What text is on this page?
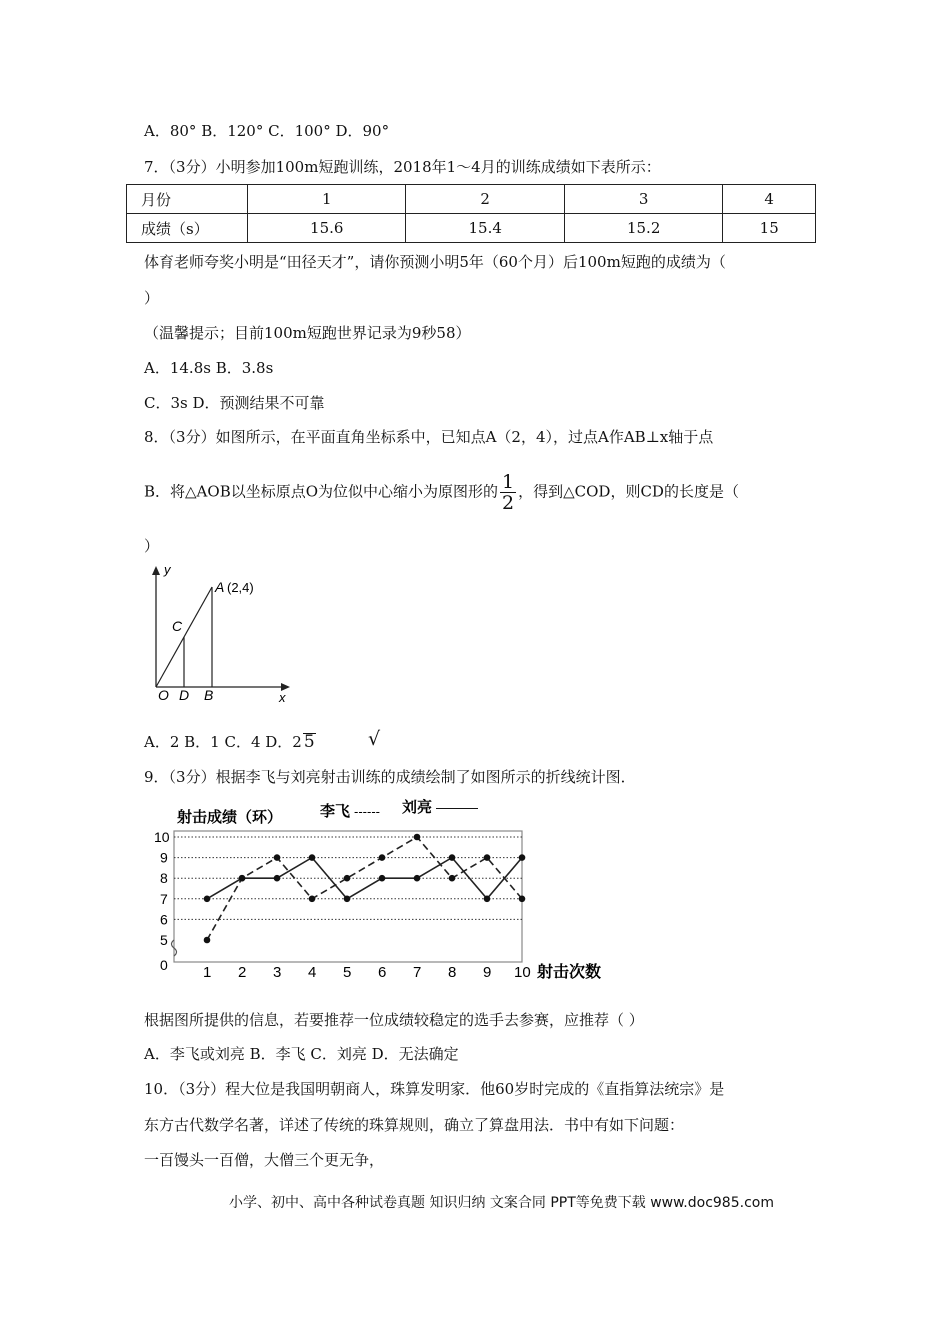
A．80° B．120° C．100° D．90°
7．（3分）小明参加100m短跑训练，2018年1～4月的训练成绩如下表所示：
月份	1	2	3	4
成绩（s）	15.6	15.4	15.2	15
体育老师夸奖小明是“田径天才”，请你预测小明5年（60个月）后100m短跑的成绩为（
）
（温馨提示；目前100m短跑世界记录为9秒58）
A．14.8s B．3.8s
C．3s D．预测结果不可靠
8．（3分）如图所示，在平面直角坐标系中，已知点A（2，4），过点A作AB⊥x轴于点
B．将△AOB以坐标原点O为位似中心缩小为原图形的 $\frac{1}{2}$ ，得到△COD，则CD的长度是（
）
y
x
A (2,4)
C
O D B
A．2 B．1 C．4 D．2 5	√
9．（3分）根据李飞与刘亮射击训练的成绩绘制了如图所示的折线统计图．
射击成绩（环）	李飞 ------ 刘亮 ———
射击次数
0
5
6
7
8
9
10
1 2 3 4 5 6 7 8 9 10
根据图所提供的信息，若要推荐一位成绩较稳定的选手去参赛，应推荐（ ）
A．李飞或刘亮 B．李飞 C．刘亮 D．无法确定
10．（3分）程大位是我国明朝商人，珠算发明家．他60岁时完成的《直指算法统宗》是
东方古代数学名著，详述了传统的珠算规则，确立了算盘用法．书中有如下问题：
一百馒头一百僧，大僧三个更无争，
小学、初中、高中各种试卷真题 知识归纳 文案合同 PPT等免费下载 www.doc985.com
